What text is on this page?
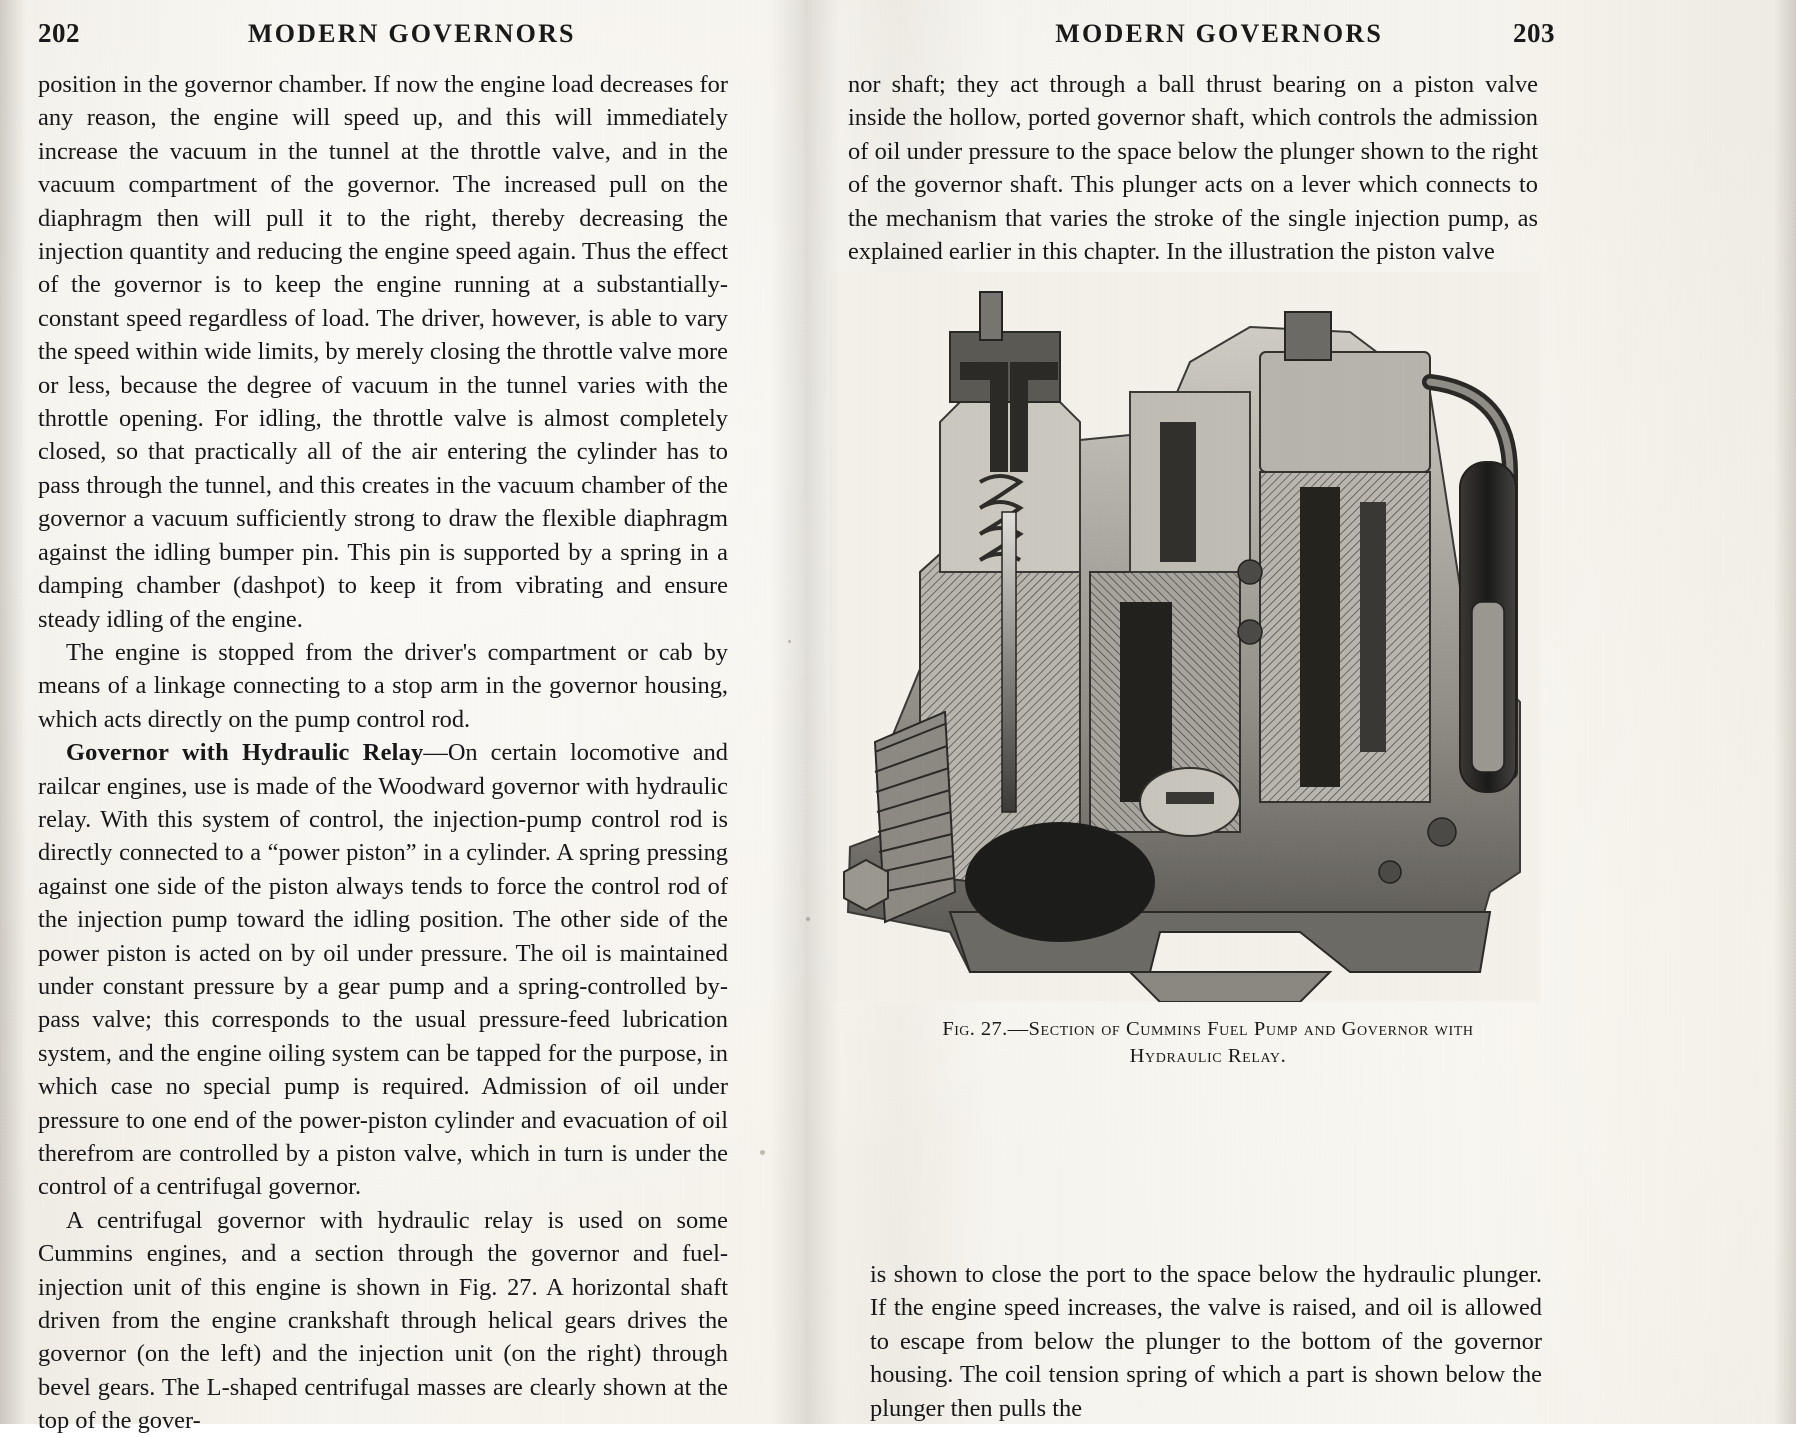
202	MODERN GOVERNORS	MODERN GOVERNORS	203

position in the governor chamber. If now the engine load decreases for any reason, the engine will speed up, and this will immediately increase the vacuum in the tunnel at the throttle valve, and in the vacuum compartment of the governor. The increased pull on the diaphragm then will pull it to the right, thereby decreasing the injection quantity and reducing the engine speed again. Thus the effect of the governor is to keep the engine running at a substantially-constant speed regardless of load. The driver, however, is able to vary the speed within wide limits, by merely closing the throttle valve more or less, because the degree of vacuum in the tunnel varies with the throttle opening. For idling, the throttle valve is almost completely closed, so that practically all of the air entering the cylinder has to pass through the tunnel, and this creates in the vacuum chamber of the governor a vacuum sufficiently strong to draw the flexible diaphragm against the idling bumper pin. This pin is supported by a spring in a damping chamber (dashpot) to keep it from vibrating and ensure steady idling of the engine.

The engine is stopped from the driver's compartment or cab by means of a linkage connecting to a stop arm in the governor housing, which acts directly on the pump control rod.

Governor with Hydraulic Relay—On certain locomotive and railcar engines, use is made of the Woodward governor with hydraulic relay. With this system of control, the injection-pump control rod is directly connected to a “power piston” in a cylinder. A spring pressing against one side of the piston always tends to force the control rod of the injection pump toward the idling position. The other side of the power piston is acted on by oil under pressure. The oil is maintained under constant pressure by a gear pump and a spring-controlled by-pass valve; this corresponds to the usual pressure-feed lubrication system, and the engine oiling system can be tapped for the purpose, in which case no special pump is required. Admission of oil under pressure to one end of the power-piston cylinder and evacuation of oil therefrom are controlled by a piston valve, which in turn is under the control of a centrifugal governor.

A centrifugal governor with hydraulic relay is used on some Cummins engines, and a section through the governor and fuel-injection unit of this engine is shown in Fig. 27. A horizontal shaft driven from the engine crankshaft through helical gears drives the governor (on the left) and the injection unit (on the right) through bevel gears. The L-shaped centrifugal masses are clearly shown at the top of the gover-

nor shaft; they act through a ball thrust bearing on a piston valve inside the hollow, ported governor shaft, which controls the admission of oil under pressure to the space below the plunger shown to the right of the governor shaft. This plunger acts on a lever which connects to the mechanism that varies the stroke of the single injection pump, as explained earlier in this chapter. In the illustration the piston valve

Fig. 27.—Section of Cummins Fuel Pump and Governor with
Hydraulic Relay.

is shown to close the port to the space below the hydraulic plunger. If the engine speed increases, the valve is raised, and oil is allowed to escape from below the plunger to the bottom of the governor housing. The coil tension spring of which a part is shown below the plunger then pulls the
